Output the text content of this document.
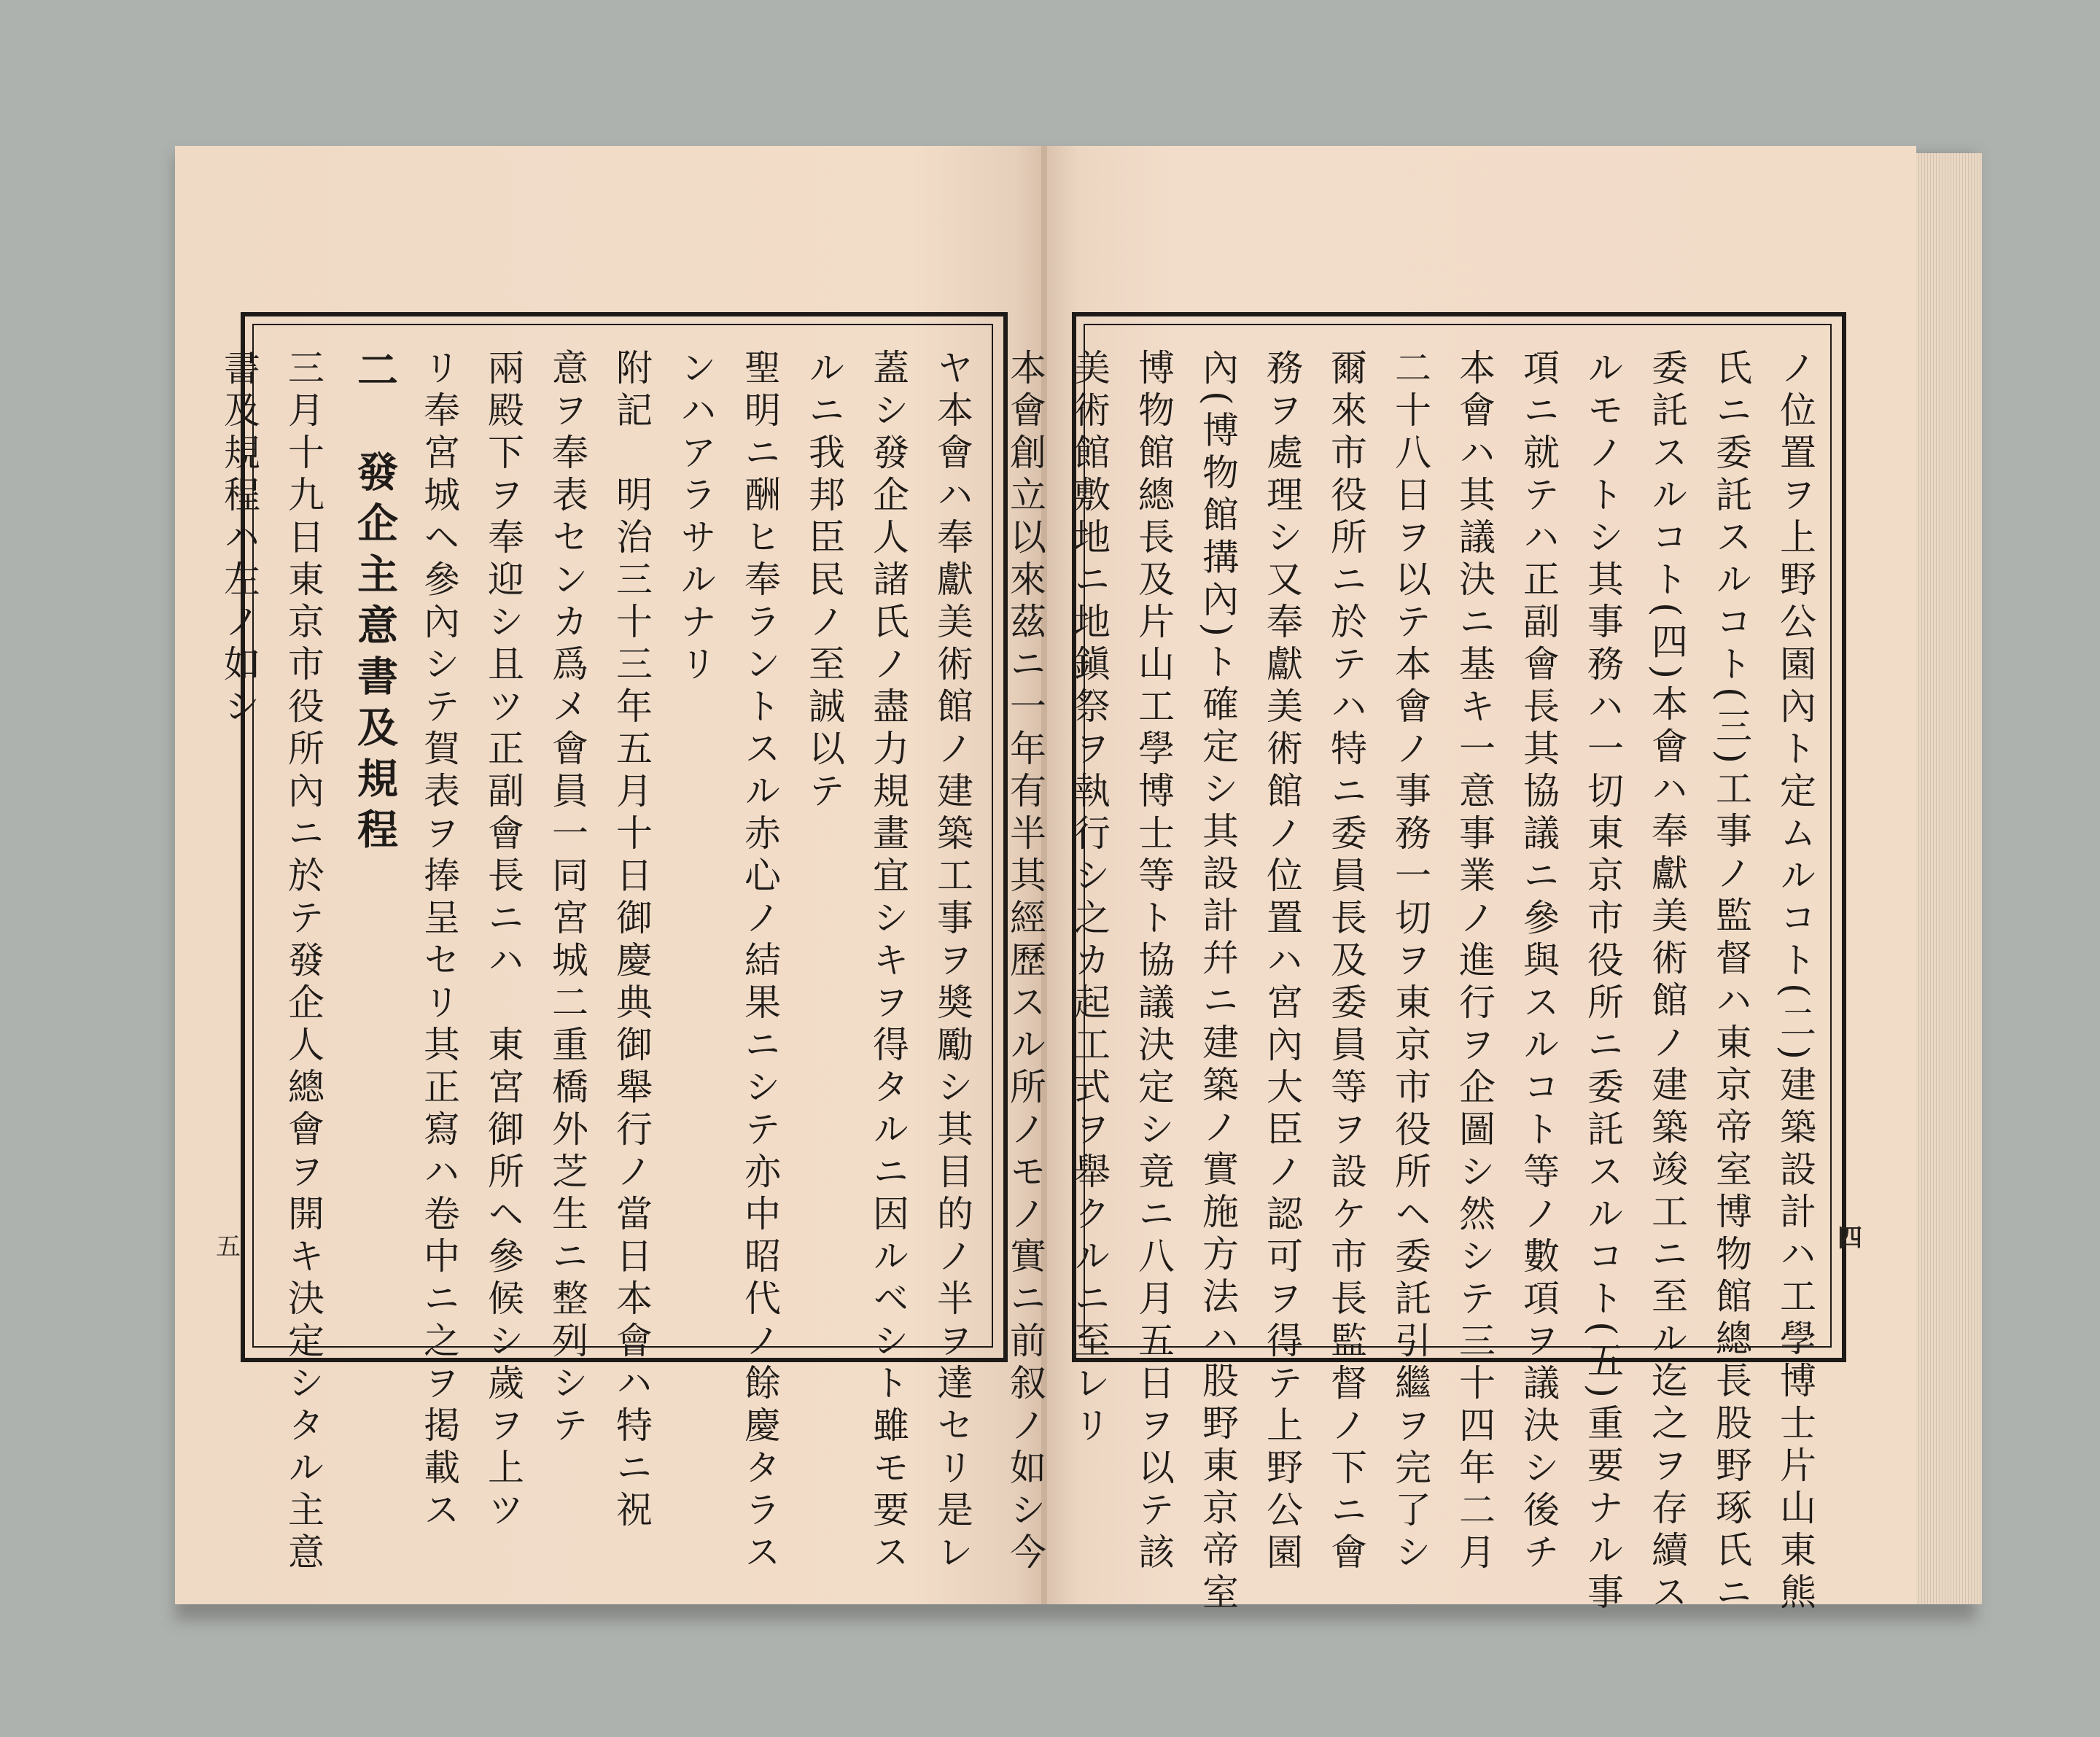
ノ位置ヲ上野公園內ト定ムルコト(二)建築設計ハ工學博士片山東熊
氏ニ委託スルコト(三)工事ノ監督ハ東京帝室博物館總長股野琢氏ニ
委託スルコト(四)本會ハ奉獻美術館ノ建築竣工ニ至ル迄之ヲ存續ス
ルモノトシ其事務ハ一切東京市役所ニ委託スルコト(五)重要ナル事
項ニ就テハ正副會長其協議ニ參與スルコト等ノ數項ヲ議決シ後チ
本會ハ其議決ニ基キ一意事業ノ進行ヲ企圖シ然シテ三十四年二月
二十八日ヲ以テ本會ノ事務一切ヲ東京市役所ヘ委託引繼ヲ完了シ
爾來市役所ニ於テハ特ニ委員長及委員等ヲ設ケ市長監督ノ下ニ會
務ヲ處理シ又奉獻美術館ノ位置ハ宮內大臣ノ認可ヲ得テ上野公園
內(博物館搆內)ト確定シ其設計幷ニ建築ノ實施方法ハ股野東京帝室
博物館總長及片山工學博士等ト協議決定シ竟ニ八月五日ヲ以テ該
美術館敷地ニ地鎭祭ヲ執行シ之カ起工式ヲ舉クルニ至レリ
本會創立以來茲ニ一年有半其經歷スル所ノモノ實ニ前叙ノ如シ今
ヤ本會ハ奉獻美術館ノ建築工事ヲ奬勵シ其目的ノ半ヲ達セリ是レ
蓋シ發企人諸氏ノ盡力規畫宜シキヲ得タルニ因ルベシト雖モ要ス
ルニ我邦臣民ノ至誠以テ
聖明ニ酬ヒ奉ラントスル赤心ノ結果ニシテ亦中昭代ノ餘慶タラス
ンハアラサルナリ
附記　明治三十三年五月十日御慶典御舉行ノ當日本會ハ特ニ祝
意ヲ奉表センカ爲メ會員一同宮城二重橋外芝生ニ整列シテ
兩殿下ヲ奉迎シ且ツ正副會長ニハ　東宮御所ヘ參候シ歲ヲ上ツ
リ奉宮城ヘ參內シテ賀表ヲ捧呈セリ其正寫ハ卷中ニ之ヲ掲載ス
二　發企主意書及規程
三月十九日東京市役所內ニ於テ發企人總會ヲ開キ決定シタル主意
書及規程ハ左ノ如シ
五	四
